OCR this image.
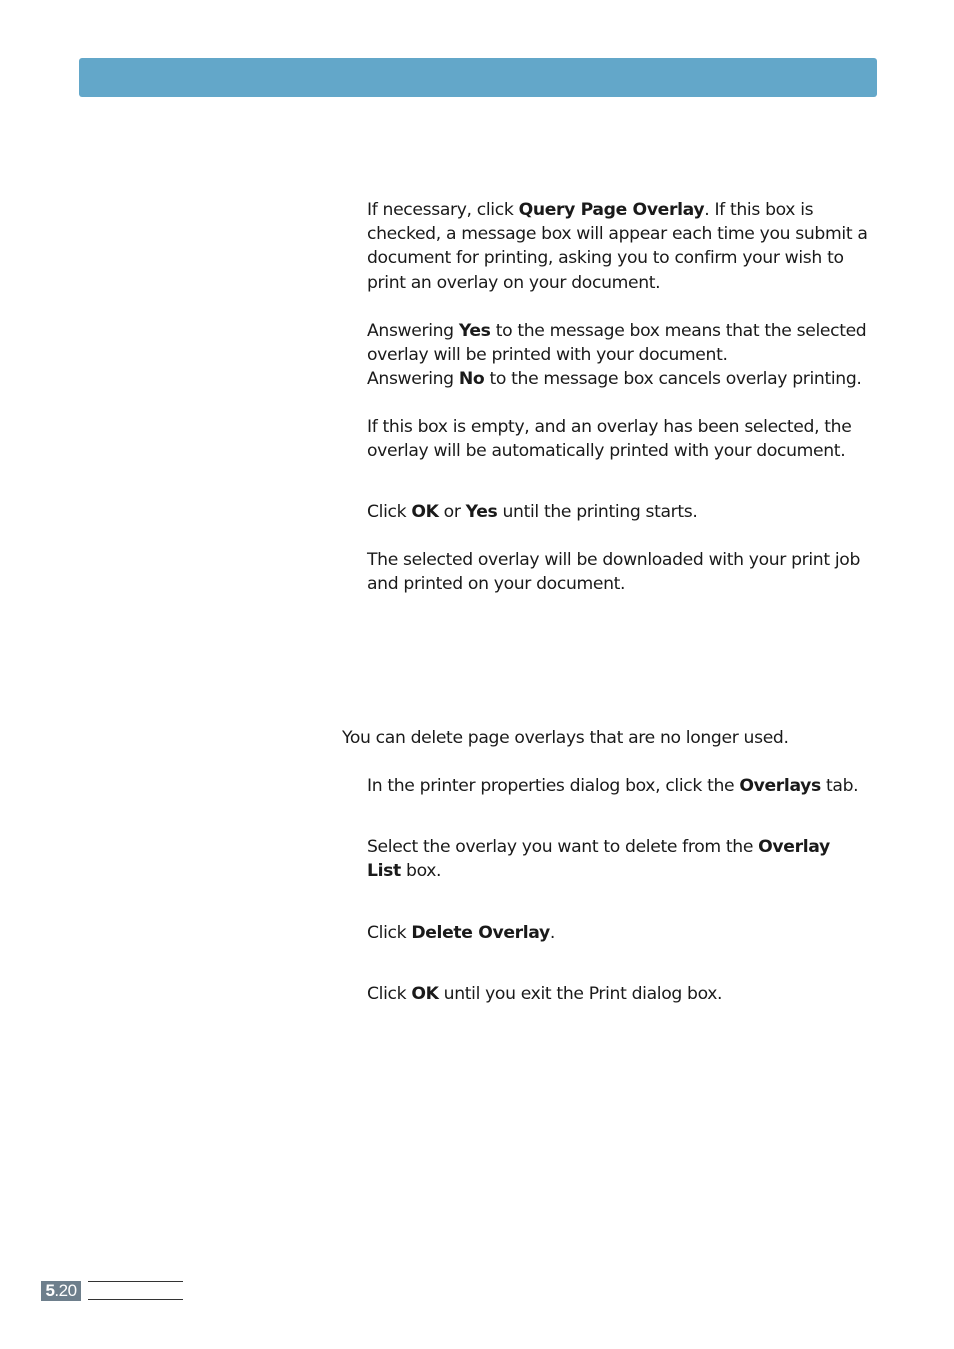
If necessary, click Query Page Overlay. If this box is
checked, a message box will appear each time you submit a
document for printing, asking you to confirm your wish to
print an overlay on your document.
Answering Yes to the message box means that the selected
overlay will be printed with your document.
Answering No to the message box cancels overlay printing.
If this box is empty, and an overlay has been selected, the
overlay will be automatically printed with your document.
Click OK or Yes until the printing starts.
The selected overlay will be downloaded with your print job
and printed on your document.
You can delete page overlays that are no longer used.
In the printer properties dialog box, click the Overlays tab.
Select the overlay you want to delete from the Overlay
List box.
Click Delete Overlay.
Click OK until you exit the Print dialog box.
5.20
